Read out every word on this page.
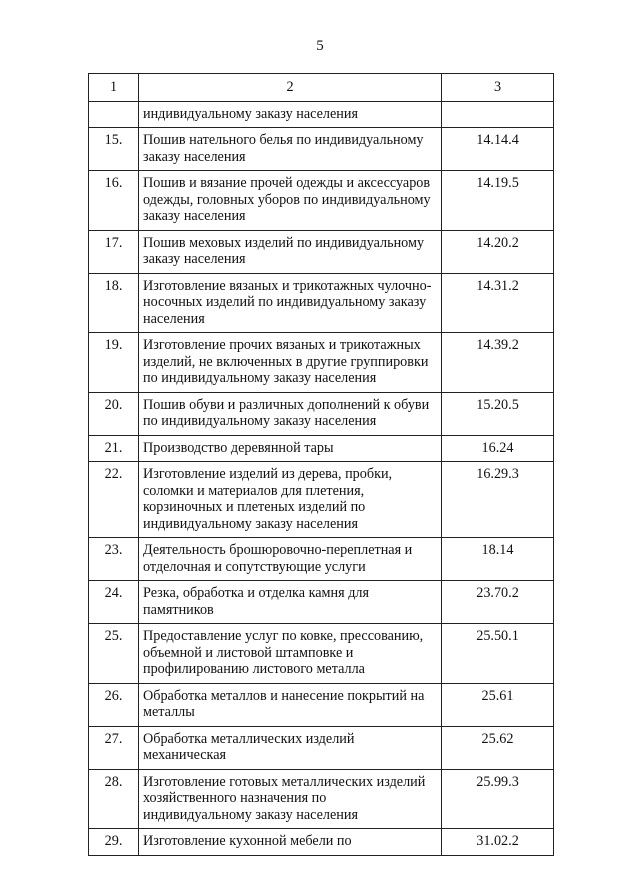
5
1	2	3
	индивидуальному заказу населения	
15.	Пошив нательного белья по индивидуальному заказу населения	14.14.4
16.	Пошив и вязание прочей одежды и аксессуаров одежды, головных уборов по индивидуальному заказу населения	14.19.5
17.	Пошив меховых изделий по индивидуальному заказу населения	14.20.2
18.	Изготовление вязаных и трикотажных чулочно-носочных изделий по индивидуальному заказу населения	14.31.2
19.	Изготовление прочих вязаных и трикотажных изделий, не включенных в другие группировки по индивидуальному заказу населения	14.39.2
20.	Пошив обуви и различных дополнений к обуви по индивидуальному заказу населения	15.20.5
21.	Производство деревянной тары	16.24
22.	Изготовление изделий из дерева, пробки, соломки и материалов для плетения, корзиночных и плетеных изделий по индивидуальному заказу населения	16.29.3
23.	Деятельность брошюровочно-переплетная и отделочная и сопутствующие услуги	18.14
24.	Резка, обработка и отделка камня для памятников	23.70.2
25.	Предоставление услуг по ковке, прессованию, объемной и листовой штамповке и профилированию листового металла	25.50.1
26.	Обработка металлов и нанесение покрытий на металлы	25.61
27.	Обработка металлических изделий механическая	25.62
28.	Изготовление готовых металлических изделий хозяйственного назначения по индивидуальному заказу населения	25.99.3
29.	Изготовление кухонной мебели по	31.02.2
